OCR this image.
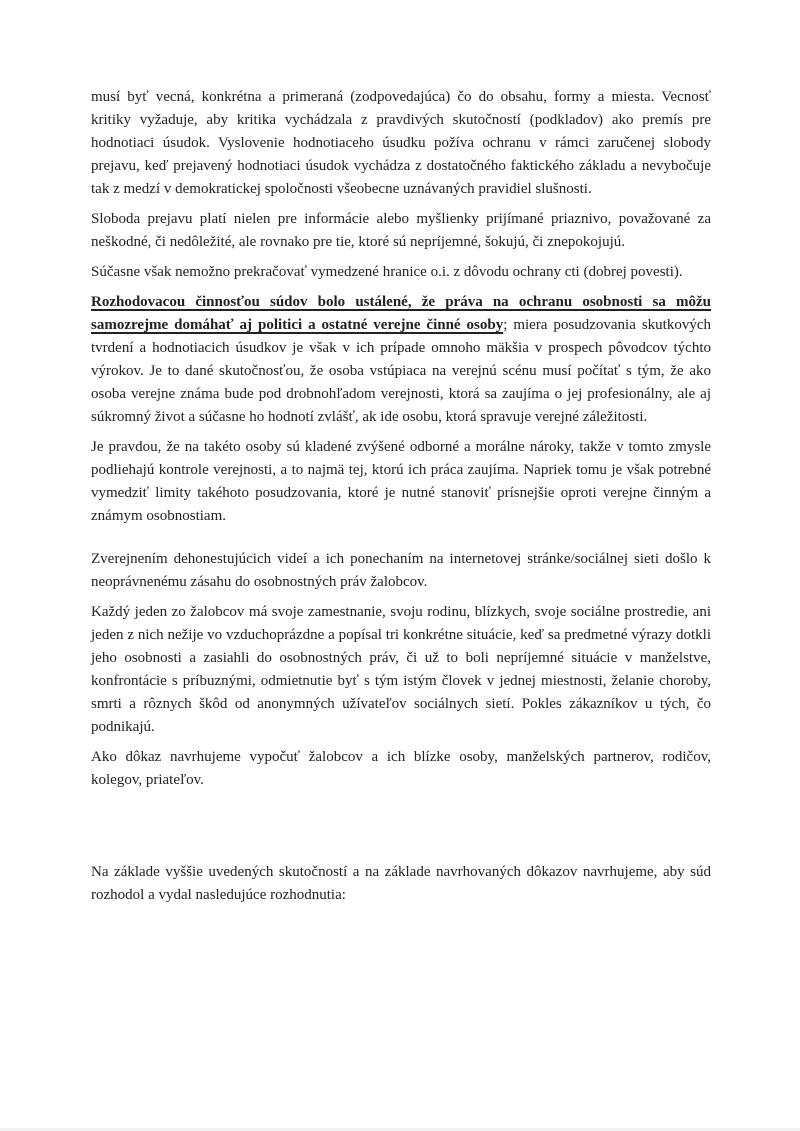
musí byť vecná, konkrétna a primeraná (zodpovedajúca) čo do obsahu, formy a miesta. Vecnosť kritiky vyžaduje, aby kritika vychádzala z pravdivých skutočností (podkladov) ako premís pre hodnotiaci úsudok. Vyslovenie hodnotiaceho úsudku požíva ochranu v rámci zaručenej slobody prejavu, keď prejavený hodnotiaci úsudok vychádza z dostatočného faktického základu a nevybočuje tak z medzí v demokratickej spoločnosti všeobecne uznávaných pravidiel slušnosti.

Sloboda prejavu platí nielen pre informácie alebo myšlienky prijímané priaznivo, považované za neškodné, či nedôležité, ale rovnako pre tie, ktoré sú nepríjemné, šokujú, či znepokojujú.

Súčasne však nemožno prekračovať vymedzené hranice o.i. z dôvodu ochrany cti (dobrej povesti).

Rozhodovacou činnosťou súdov bolo ustálené, že práva na ochranu osobnosti sa môžu samozrejme domáhať aj politici a ostatné verejne činné osoby; miera posudzovania skutkových tvrdení a hodnotiacich úsudkov je však v ich prípade omnoho mäkšia v prospech pôvodcov týchto výrokov. Je to dané skutočnosťou, že osoba vstúpiaca na verejnú scénu musí počítať s tým, že ako osoba verejne známa bude pod drobnohľadom verejnosti, ktorá sa zaujíma o jej profesionálny, ale aj súkromný život a súčasne ho hodnotí zvlášť, ak ide osobu, ktorá spravuje verejné záležitosti.

Je pravdou, že na takéto osoby sú kladené zvýšené odborné a morálne nároky, takže v tomto zmysle podliehajú kontrole verejnosti, a to najmä tej, ktorú ich práca zaujíma. Napriek tomu je však potrebné vymedziť limity takéhoto posudzovania, ktoré je nutné stanoviť prísnejšie oproti verejne činným a známym osobnostiam.

Zverejnením dehonestujúcich videí a ich ponechaním na internetovej stránke/sociálnej sieti došlo k neoprávnenému zásahu do osobnostných práv žalobcov.

Každý jeden zo žalobcov má svoje zamestnanie, svoju rodinu, blízkych, svoje sociálne prostredie, ani jeden z nich nežije vo vzduchoprázdne a popísal tri konkrétne situácie, keď sa predmetné výrazy dotkli jeho osobnosti a zasiahli do osobnostných práv, či už to boli nepríjemné situácie v manželstve, konfrontácie s príbuznými, odmietnutie byť s tým istým človek v jednej miestnosti, želanie choroby, smrti a rôznych škôd od anonymných užívateľov sociálnych sietí. Pokles zákazníkov u tých, čo podnikajú.

Ako dôkaz navrhujeme vypočuť žalobcov a ich blízke osoby, manželských partnerov, rodičov, kolegov, priateľov.

Na základe vyššie uvedených skutočností a na základe navrhovaných dôkazov navrhujeme, aby súd rozhodol a vydal nasledujúce rozhodnutia:
